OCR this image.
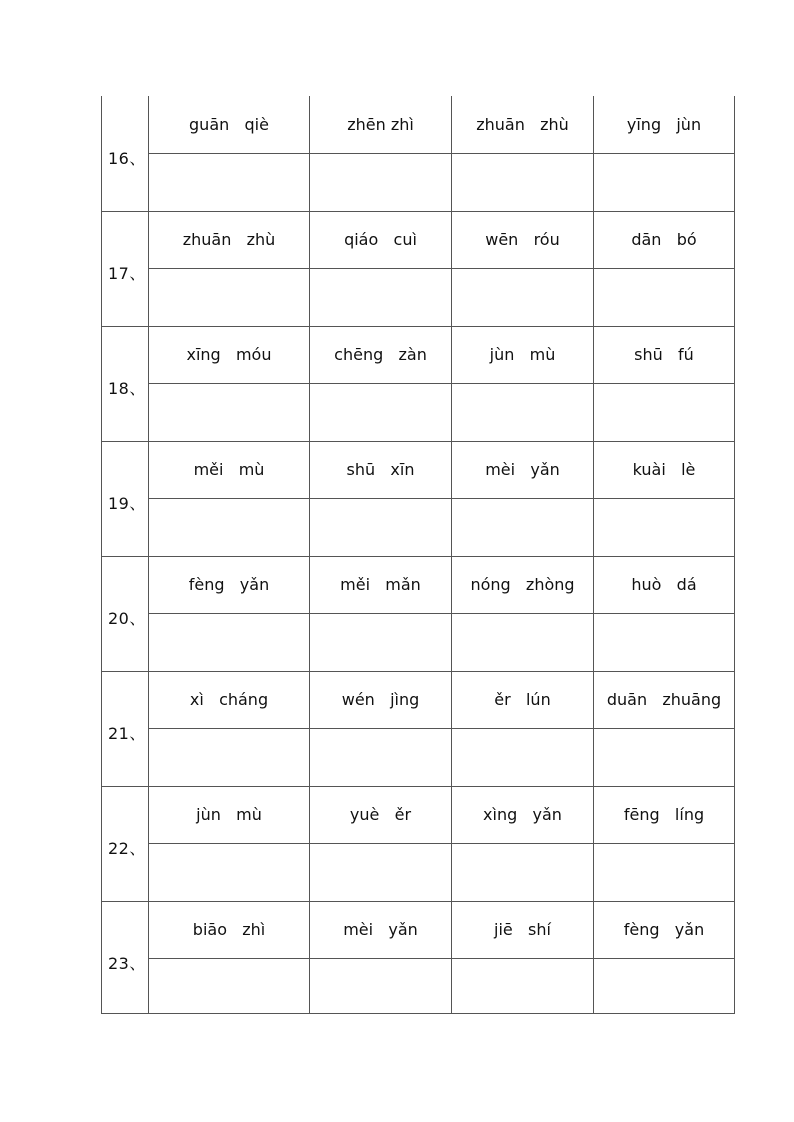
16、
guān   qiè	zhēn zhì	zhuān   zhù	yīng   jùn
17、
zhuān   zhù	qiáo   cuì	wēn   róu	dān   bó
18、
xīng   móu	chēng   zàn	jùn   mù	shū   fú
19、
měi   mù	shū   xīn	mèi   yǎn	kuài   lè
20、
fèng   yǎn	měi   mǎn	nóng   zhòng	huò   dá
21、
xì   cháng	wén   jìng	ěr   lún	duān   zhuāng
22、
jùn   mù	yuè   ěr	xìng   yǎn	fēng   líng
23、
biāo   zhì	mèi   yǎn	jiē   shí	fèng   yǎn
